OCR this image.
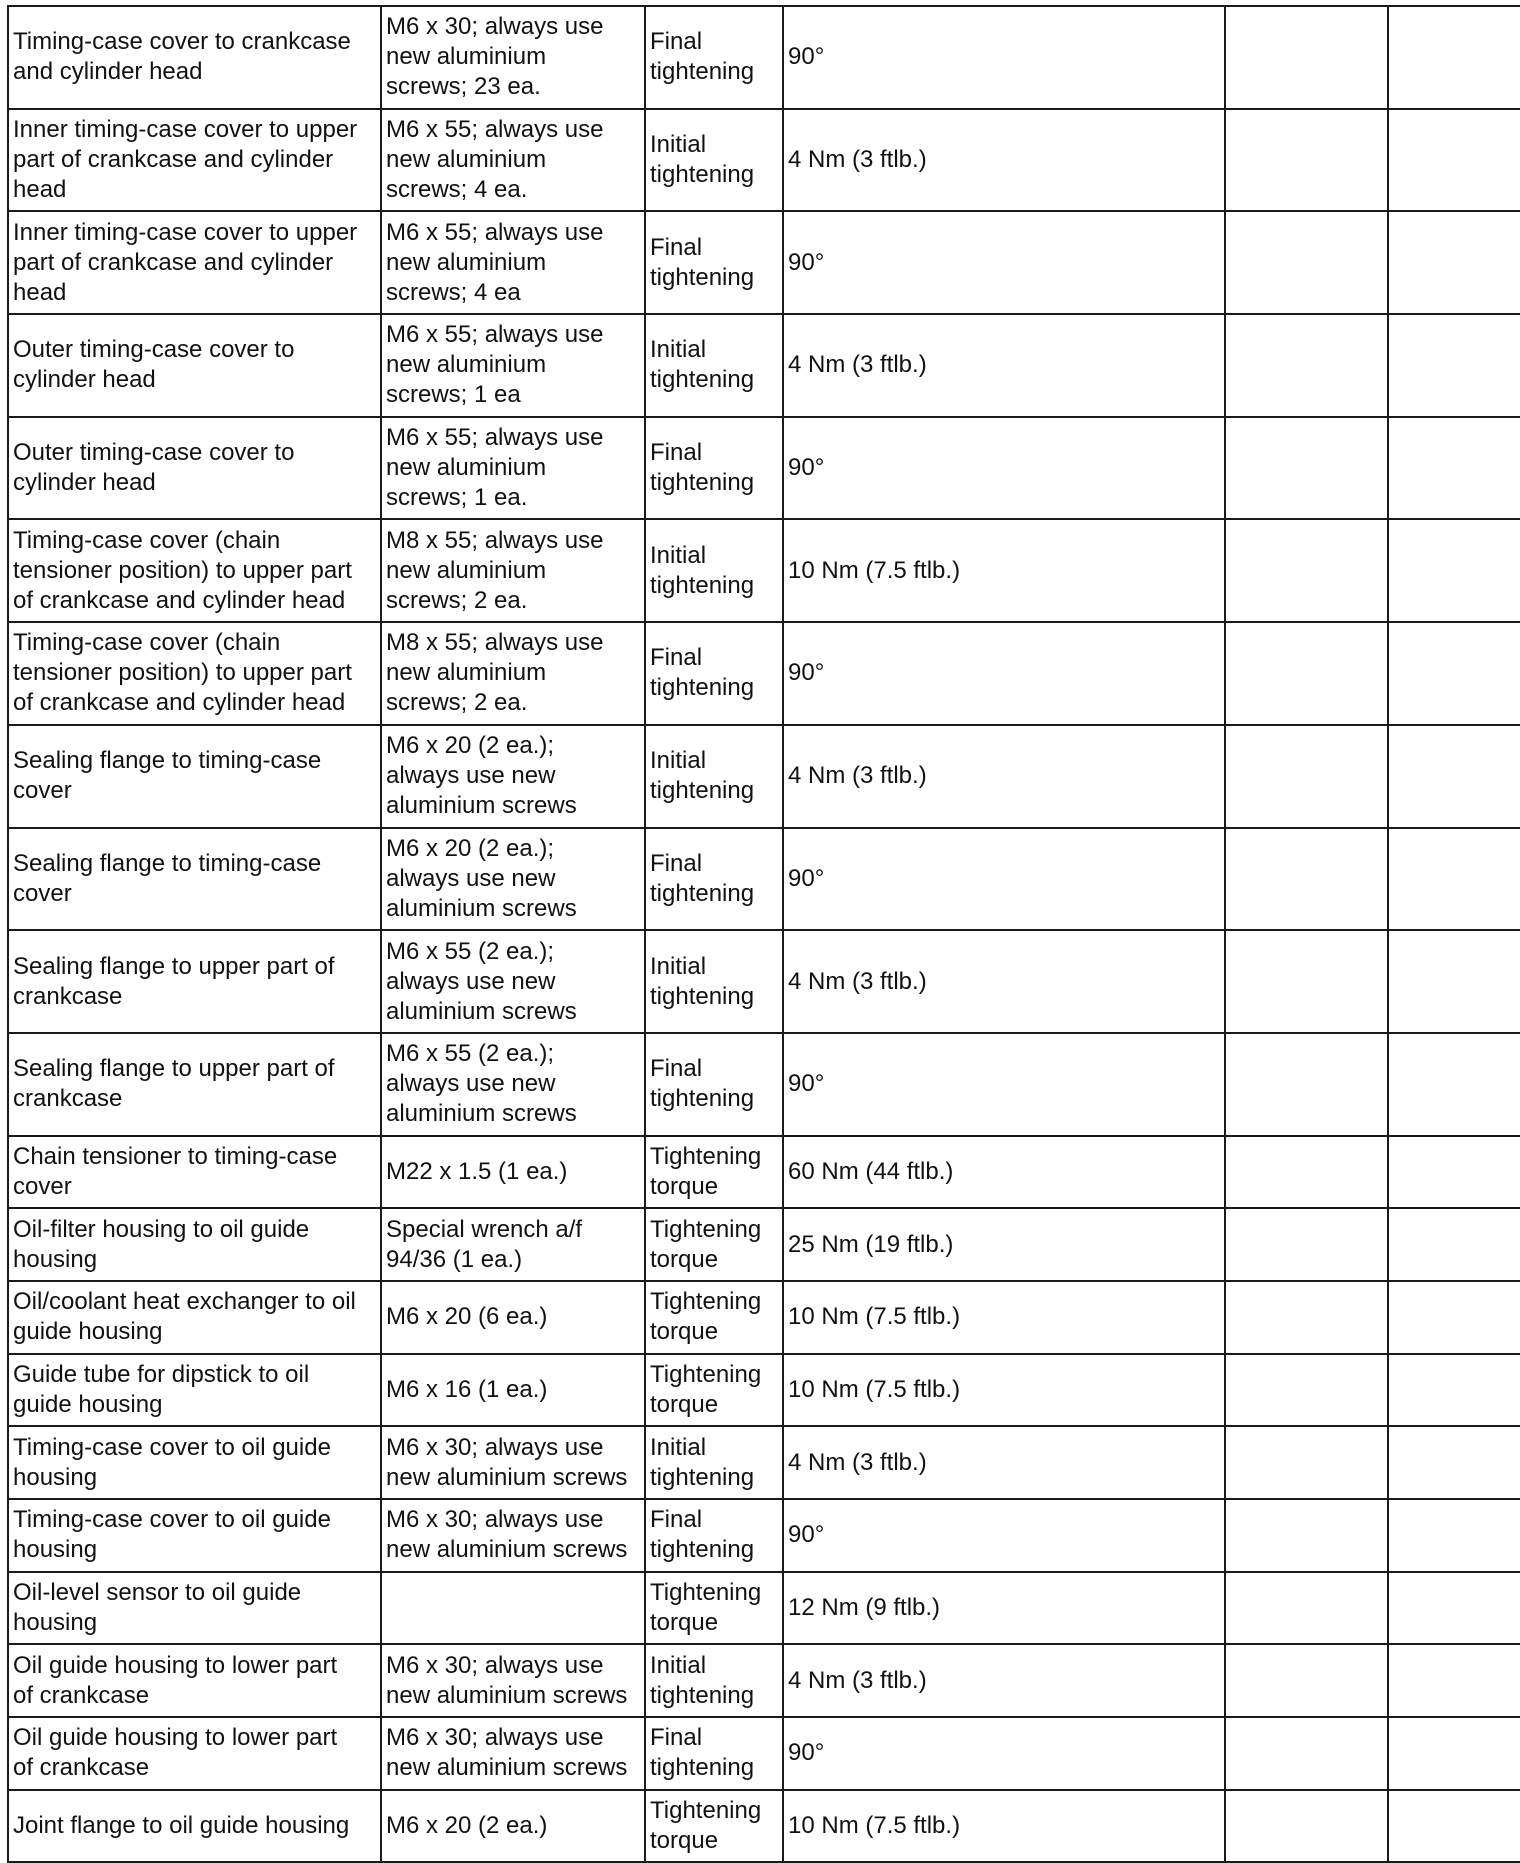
Timing-case cover to crankcase
and cylinder head	M6 x 30; always use
new aluminium
screws; 23 ea.	Final
tightening	90°		
Inner timing-case cover to upper
part of crankcase and cylinder
head	M6 x 55; always use
new aluminium
screws; 4 ea.	Initial
tightening	4 Nm (3 ftlb.)		
Inner timing-case cover to upper
part of crankcase and cylinder
head	M6 x 55; always use
new aluminium
screws; 4 ea	Final
tightening	90°		
Outer timing-case cover to
cylinder head	M6 x 55; always use
new aluminium
screws; 1 ea	Initial
tightening	4 Nm (3 ftlb.)		
Outer timing-case cover to
cylinder head	M6 x 55; always use
new aluminium
screws; 1 ea.	Final
tightening	90°		
Timing-case cover (chain
tensioner position) to upper part
of crankcase and cylinder head	M8 x 55; always use
new aluminium
screws; 2 ea.	Initial
tightening	10 Nm (7.5 ftlb.)		
Timing-case cover (chain
tensioner position) to upper part
of crankcase and cylinder head	M8 x 55; always use
new aluminium
screws; 2 ea.	Final
tightening	90°		
Sealing flange to timing-case
cover	M6 x 20 (2 ea.);
always use new
aluminium screws	Initial
tightening	4 Nm (3 ftlb.)		
Sealing flange to timing-case
cover	M6 x 20 (2 ea.);
always use new
aluminium screws	Final
tightening	90°		
Sealing flange to upper part of
crankcase	M6 x 55 (2 ea.);
always use new
aluminium screws	Initial
tightening	4 Nm (3 ftlb.)		
Sealing flange to upper part of
crankcase	M6 x 55 (2 ea.);
always use new
aluminium screws	Final
tightening	90°		
Chain tensioner to timing-case
cover	M22 x 1.5 (1 ea.)	Tightening
torque	60 Nm (44 ftlb.)		
Oil-filter housing to oil guide
housing	Special wrench a/f
94/36 (1 ea.)	Tightening
torque	25 Nm (19 ftlb.)		
Oil/coolant heat exchanger to oil
guide housing	M6 x 20 (6 ea.)	Tightening
torque	10 Nm (7.5 ftlb.)		
Guide tube for dipstick to oil
guide housing	M6 x 16 (1 ea.)	Tightening
torque	10 Nm (7.5 ftlb.)		
Timing-case cover to oil guide
housing	M6 x 30; always use
new aluminium screws	Initial
tightening	4 Nm (3 ftlb.)		
Timing-case cover to oil guide
housing	M6 x 30; always use
new aluminium screws	Final
tightening	90°		
Oil-level sensor to oil guide
housing		Tightening
torque	12 Nm (9 ftlb.)		
Oil guide housing to lower part
of crankcase	M6 x 30; always use
new aluminium screws	Initial
tightening	4 Nm (3 ftlb.)		
Oil guide housing to lower part
of crankcase	M6 x 30; always use
new aluminium screws	Final
tightening	90°		
Joint flange to oil guide housing	M6 x 20 (2 ea.)	Tightening
torque	10 Nm (7.5 ftlb.)		
